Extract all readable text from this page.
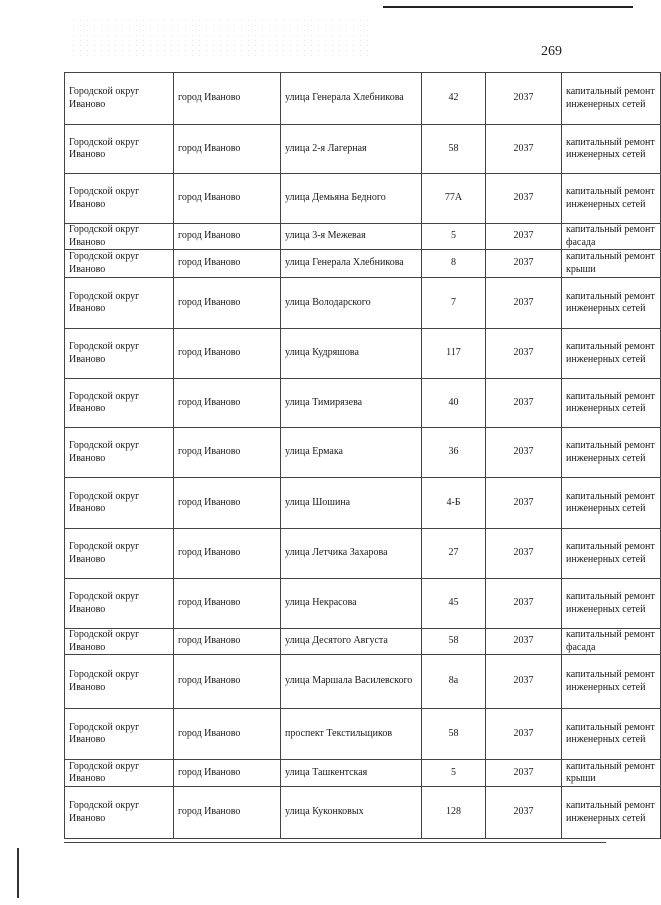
269
Городской округ Иваново	город Иваново	улица Генерала Хлебникова	42	2037	капитальный ремонт инженерных сетей
Городской округ Иваново	город Иваново	улица 2-я Лагерная	58	2037	капитальный ремонт инженерных сетей
Городской округ Иваново	город Иваново	улица Демьяна Бедного	77А	2037	капитальный ремонт инженерных сетей
Городской округ Иваново	город Иваново	улица 3-я Межевая	5	2037	капитальный ремонт фасада
Городской округ Иваново	город Иваново	улица Генерала Хлебникова	8	2037	капитальный ремонт крыши
Городской округ Иваново	город Иваново	улица Володарского	7	2037	капитальный ремонт инженерных сетей
Городской округ Иваново	город Иваново	улица Кудряшова	117	2037	капитальный ремонт инженерных сетей
Городской округ Иваново	город Иваново	улица Тимирязева	40	2037	капитальный ремонт инженерных сетей
Городской округ Иваново	город Иваново	улица Ермака	36	2037	капитальный ремонт инженерных сетей
Городской округ Иваново	город Иваново	улица Шошина	4-Б	2037	капитальный ремонт инженерных сетей
Городской округ Иваново	город Иваново	улица Летчика Захарова	27	2037	капитальный ремонт инженерных сетей
Городской округ Иваново	город Иваново	улица Некрасова	45	2037	капитальный ремонт инженерных сетей
Городской округ Иваново	город Иваново	улица Десятого Августа	58	2037	капитальный ремонт фасада
Городской округ Иваново	город Иваново	улица Маршала Василевского	8а	2037	капитальный ремонт инженерных сетей
Городской округ Иваново	город Иваново	проспект Текстильщиков	58	2037	капитальный ремонт инженерных сетей
Городской округ Иваново	город Иваново	улица Ташкентская	5	2037	капитальный ремонт крыши
Городской округ Иваново	город Иваново	улица Куконковых	128	2037	капитальный ремонт инженерных сетей
